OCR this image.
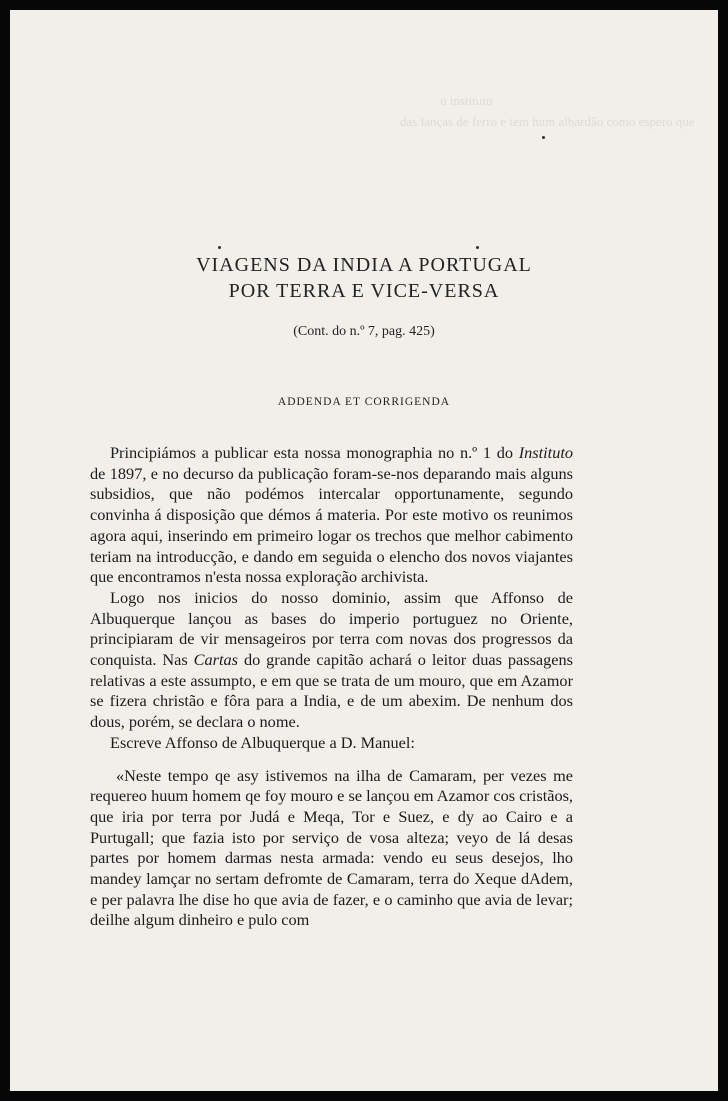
o instituto
das lanças de ferro e tem hum albardão como espero que
VIAGENS DA INDIA A PORTUGAL
POR TERRA E VICE-VERSA
(Cont. do n.º 7, pag. 425)
ADDENDA ET CORRIGENDA

Principiámos a publicar esta nossa monographia no n.º 1 do Instituto de 1897, e no decurso da publicação foram-se-nos deparando mais alguns subsidios, que não podémos intercalar opportunamente, segundo convinha á disposição que démos á materia. Por este motivo os reunimos agora aqui, inserindo em primeiro logar os trechos que melhor cabimento teriam na introducção, e dando em seguida o elencho dos novos viajantes que encontramos n'esta nossa exploração archivista.

Logo nos inicios do nosso dominio, assim que Affonso de Albuquerque lançou as bases do imperio portuguez no Oriente, principiaram de vir mensageiros por terra com novas dos progressos da conquista. Nas Cartas do grande capitão achará o leitor duas passagens relativas a este assumpto, e em que se trata de um mouro, que em Azamor se fizera christão e fôra para a India, e de um abexim. De nenhum dos dous, porém, se declara o nome.

Escreve Affonso de Albuquerque a D. Manuel:

«Neste tempo qe asy istivemos na ilha de Camaram, per vezes me requereo huum homem qe foy mouro e se lançou em Azamor cos cristãos, que iria por terra por Judá e Meqa, Tor e Suez, e dy ao Cairo e a Purtugall; que fazia isto por serviço de vosa alteza; veyo de lá desas partes por homem darmas nesta armada: vendo eu seus desejos, lho mandey lamçar no sertam defromte de Camaram, terra do Xeque dAdem, e per palavra lhe dise ho que avia de fazer, e o caminho que avia de levar; deilhe algum dinheiro e pulo com
